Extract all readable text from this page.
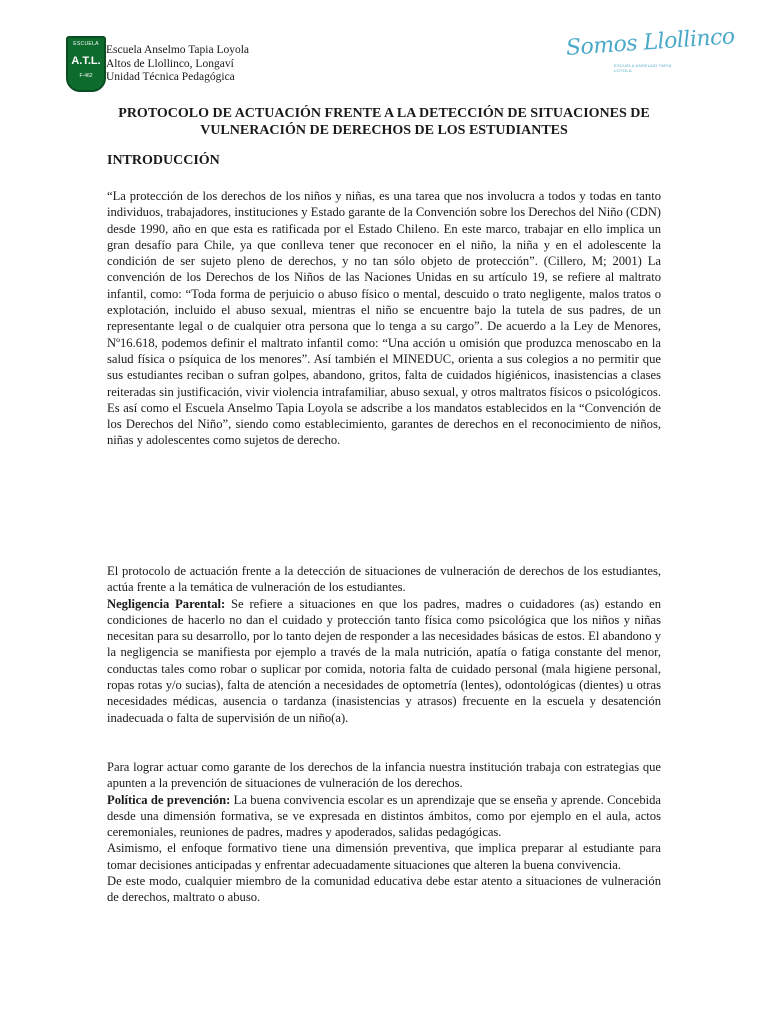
ESCUELA
A.T.L.
F-462
Escuela Anselmo Tapia Loyola
Altos de Llollinco, Longaví
Unidad Técnica Pedagógica
Somos Llollinco
ESCUELA ANSELMO TAPIA LOYOLA
PROTOCOLO DE ACTUACIÓN FRENTE A LA DETECCIÓN DE SITUACIONES DE
VULNERACIÓN DE DERECHOS DE LOS ESTUDIANTES
INTRODUCCIÓN
“La protección de los derechos de los niños y niñas, es una tarea que nos involucra a todos y todas en tanto individuos, trabajadores, instituciones y Estado garante de la Convención sobre los Derechos del Niño (CDN) desde 1990, año en que esta es ratificada por el Estado Chileno. En este marco, trabajar en ello implica un gran desafío para Chile, ya que conlleva tener que reconocer en el niño, la niña y en el adolescente la condición de ser sujeto pleno de derechos, y no tan sólo objeto de protección”. (Cillero, M; 2001) La convención de los Derechos de los Niños de las Naciones Unidas en su artículo 19, se refiere al maltrato infantil, como: “Toda forma de perjuicio o abuso físico o mental, descuido o trato negligente, malos tratos o explotación, incluido el abuso sexual, mientras el niño se encuentre bajo la tutela de sus padres, de un representante legal o de cualquier otra persona que lo tenga a su cargo”. De acuerdo a la Ley de Menores, Nº16.618, podemos definir el maltrato infantil como: “Una acción u omisión que produzca menoscabo en la salud física o psíquica de los menores”. Así también el MINEDUC, orienta a sus colegios a no permitir que sus estudiantes reciban o sufran golpes, abandono, gritos, falta de cuidados higiénicos, inasistencias a clases reiteradas sin justificación, vivir violencia intrafamiliar, abuso sexual, y otros maltratos físicos o psicológicos. Es así como el Escuela Anselmo Tapia Loyola se adscribe a los mandatos establecidos en la “Convención de los Derechos del Niño”, siendo como establecimiento, garantes de derechos en el reconocimiento de niños, niñas y adolescentes como sujetos de derecho.
El protocolo de actuación frente a la detección de situaciones de vulneración de derechos de los estudiantes, actúa frente a la temática de vulneración de los estudiantes.
Negligencia Parental: Se refiere a situaciones en que los padres, madres o cuidadores (as) estando en condiciones de hacerlo no dan el cuidado y protección tanto física como psicológica que los niños y niñas necesitan para su desarrollo, por lo tanto dejen de responder a las necesidades básicas de estos. El abandono y la negligencia se manifiesta por ejemplo a través de la mala nutrición, apatía o fatiga constante del menor, conductas tales como robar o suplicar por comida, notoria falta de cuidado personal (mala higiene personal, ropas rotas y/o sucias), falta de atención a necesidades de optometría (lentes), odontológicas (dientes) u otras necesidades médicas, ausencia o tardanza (inasistencias y atrasos) frecuente en la escuela y desatención inadecuada o falta de supervisión de un niño(a).
Para lograr actuar como garante de los derechos de la infancia nuestra institución trabaja con estrategias que apunten a la prevención de situaciones de vulneración de los derechos.
Política de prevención: La buena convivencia escolar es un aprendizaje que se enseña y aprende. Concebida desde una dimensión formativa, se ve expresada en distintos ámbitos, como por ejemplo en el aula, actos ceremoniales, reuniones de padres, madres y apoderados, salidas pedagógicas.
Asimismo, el enfoque formativo tiene una dimensión preventiva, que implica preparar al estudiante para tomar decisiones anticipadas y enfrentar adecuadamente situaciones que alteren la buena convivencia.
De este modo, cualquier miembro de la comunidad educativa debe estar atento a situaciones de vulneración de derechos, maltrato o abuso.
